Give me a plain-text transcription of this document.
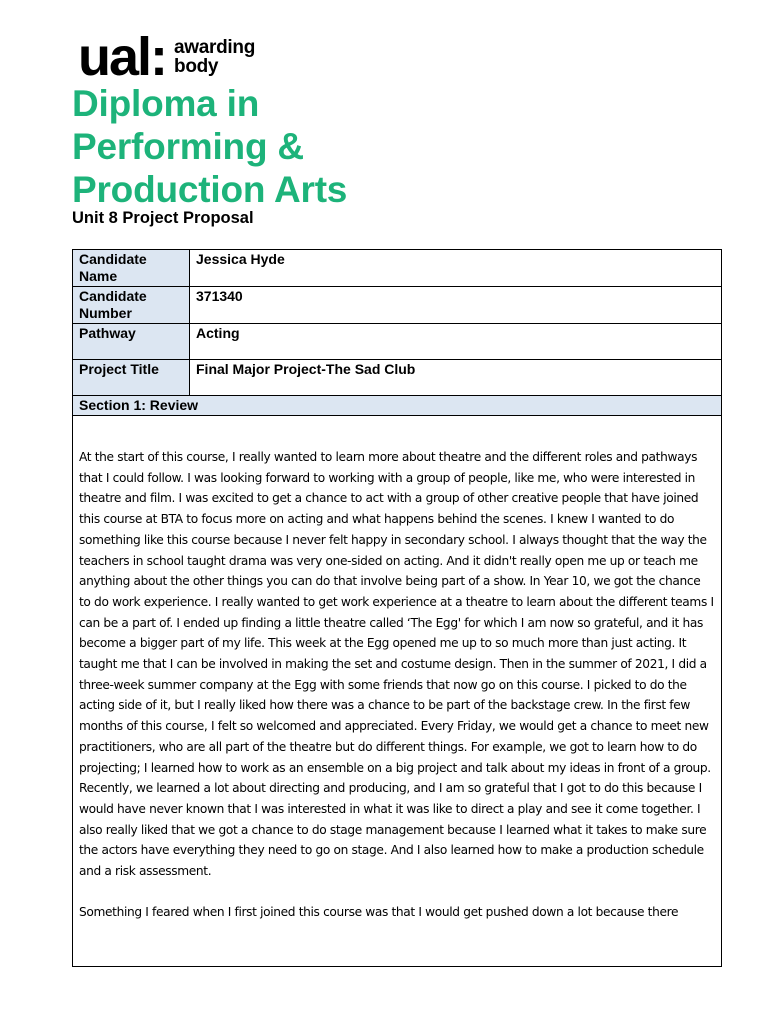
ual: awarding
body
Diploma in
Performing &
Production Arts
Unit 8 Project Proposal
Candidate Name	Jessica Hyde
Candidate Number	371340
Pathway	Acting
Project Title	Final Major Project-The Sad Club
Section 1: Review	

At the start of this course, I really wanted to learn more about theatre and the different roles and pathways that I could follow. I was looking forward to working with a group of people, like me, who were interested in theatre and film. I was excited to get a chance to act with a group of other creative people that have joined this course at BTA to focus more on acting and what happens behind the scenes. I knew I wanted to do something like this course because I never felt happy in secondary school. I always thought that the way the teachers in school taught drama was very one-sided on acting. And it didn't really open me up or teach me anything about the other things you can do that involve being part of a show. In Year 10, we got the chance to do work experience. I really wanted to get work experience at a theatre to learn about the different teams I can be a part of. I ended up finding a little theatre called ‘The Egg' for which I am now so grateful, and it has become a bigger part of my life. This week at the Egg opened me up to so much more than just acting. It taught me that I can be involved in making the set and costume design. Then in the summer of 2021, I did a three-week summer company at the Egg with some friends that now go on this course. I picked to do the acting side of it, but I really liked how there was a chance to be part of the backstage crew. In the first few months of this course, I felt so welcomed and appreciated. Every Friday, we would get a chance to meet new practitioners, who are all part of the theatre but do different things. For example, we got to learn how to do projecting; I learned how to work as an ensemble on a big project and talk about my ideas in front of a group. Recently, we learned a lot about directing and producing, and I am so grateful that I got to do this because I would have never known that I was interested in what it was like to direct a play and see it come together. I also really liked that we got a chance to do stage management because I learned what it takes to make sure the actors have everything they need to go on stage. And I also learned how to make a production schedule and a risk assessment.

Something I feared when I first joined this course was that I would get pushed down a lot because there	
